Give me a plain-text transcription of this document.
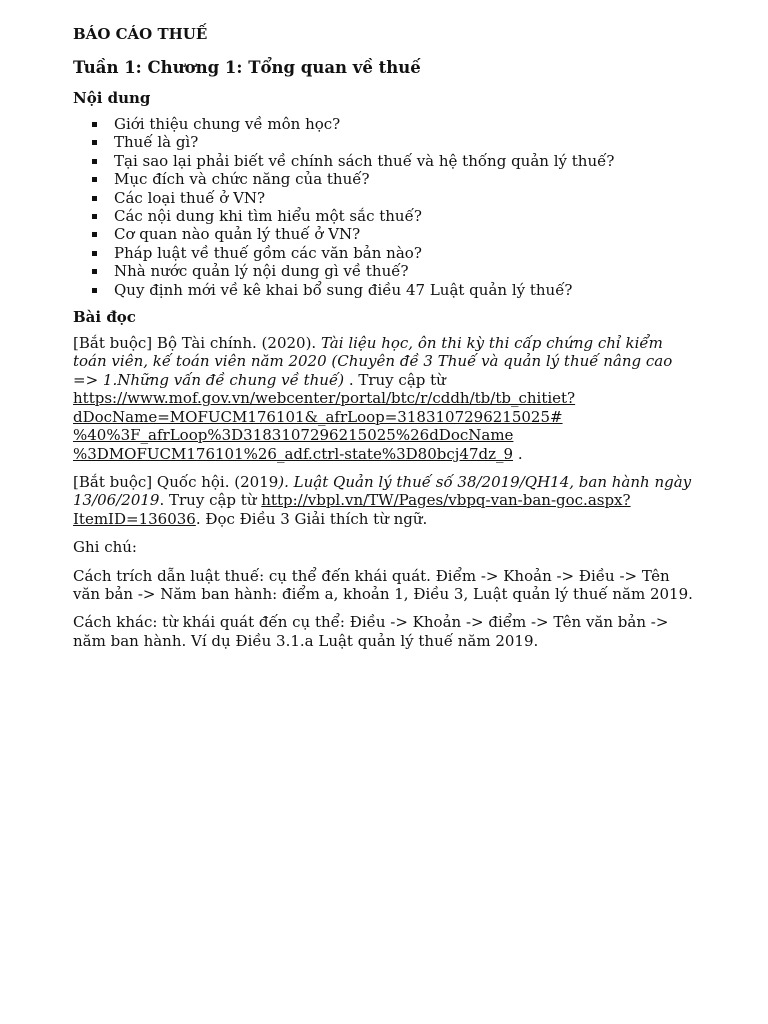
BÁO CÁO THUẾ
Tuần 1: Chương 1: Tổng quan về thuế
Nội dung
Giới thiệu chung về môn học?
Thuế là gì?
Tại sao lại phải biết về chính sách thuế và hệ thống quản lý thuế?
Mục đích và chức năng của thuế?
Các loại thuế ở VN?
Các nội dung khi tìm hiểu một sắc thuế?
Cơ quan nào quản lý thuế ở VN?
Pháp luật về thuế gồm các văn bản nào?
Nhà nước quản lý nội dung gì về thuế?
Quy định mới về kê khai bổ sung điều 47 Luật quản lý thuế?
Bài đọc

[Bắt buộc] Bộ Tài chính. (2020). Tài liệu học, ôn thi kỳ thi cấp chứng chỉ kiểm toán viên, kế toán viên năm 2020 (Chuyên đề 3 Thuế và quản lý thuế nâng cao => 1.Những vấn đề chung về thuế) . Truy cập từ
https://www.mof.gov.vn/webcenter/portal/btc/r/cddh/tb/tb_chitiet?
dDocName=MOFUCM176101&_afrLoop=3183107296215025#
%40%3F_afrLoop%3D3183107296215025%26dDocName
%3DMOFUCM176101%26_adf.ctrl-state%3D80bcj47dz_9 .

[Bắt buộc] Quốc hội. (2019). Luật Quản lý thuế số 38/2019/QH14, ban hành ngày 13/06/2019. Truy cập từ http://vbpl.vn/TW/Pages/vbpq-van-ban-goc.aspx?
ItemID=136036. Đọc Điều 3 Giải thích từ ngữ.

Ghi chú:

Cách trích dẫn luật thuế: cụ thể đến khái quát. Điểm -> Khoản -> Điều -> Tên văn bản -> Năm ban hành: điểm a, khoản 1, Điều 3, Luật quản lý thuế năm 2019.

Cách khác: từ khái quát đến cụ thể: Điều -> Khoản -> điểm -> Tên văn bản -> năm ban hành. Ví dụ Điều 3.1.a Luật quản lý thuế năm 2019.
